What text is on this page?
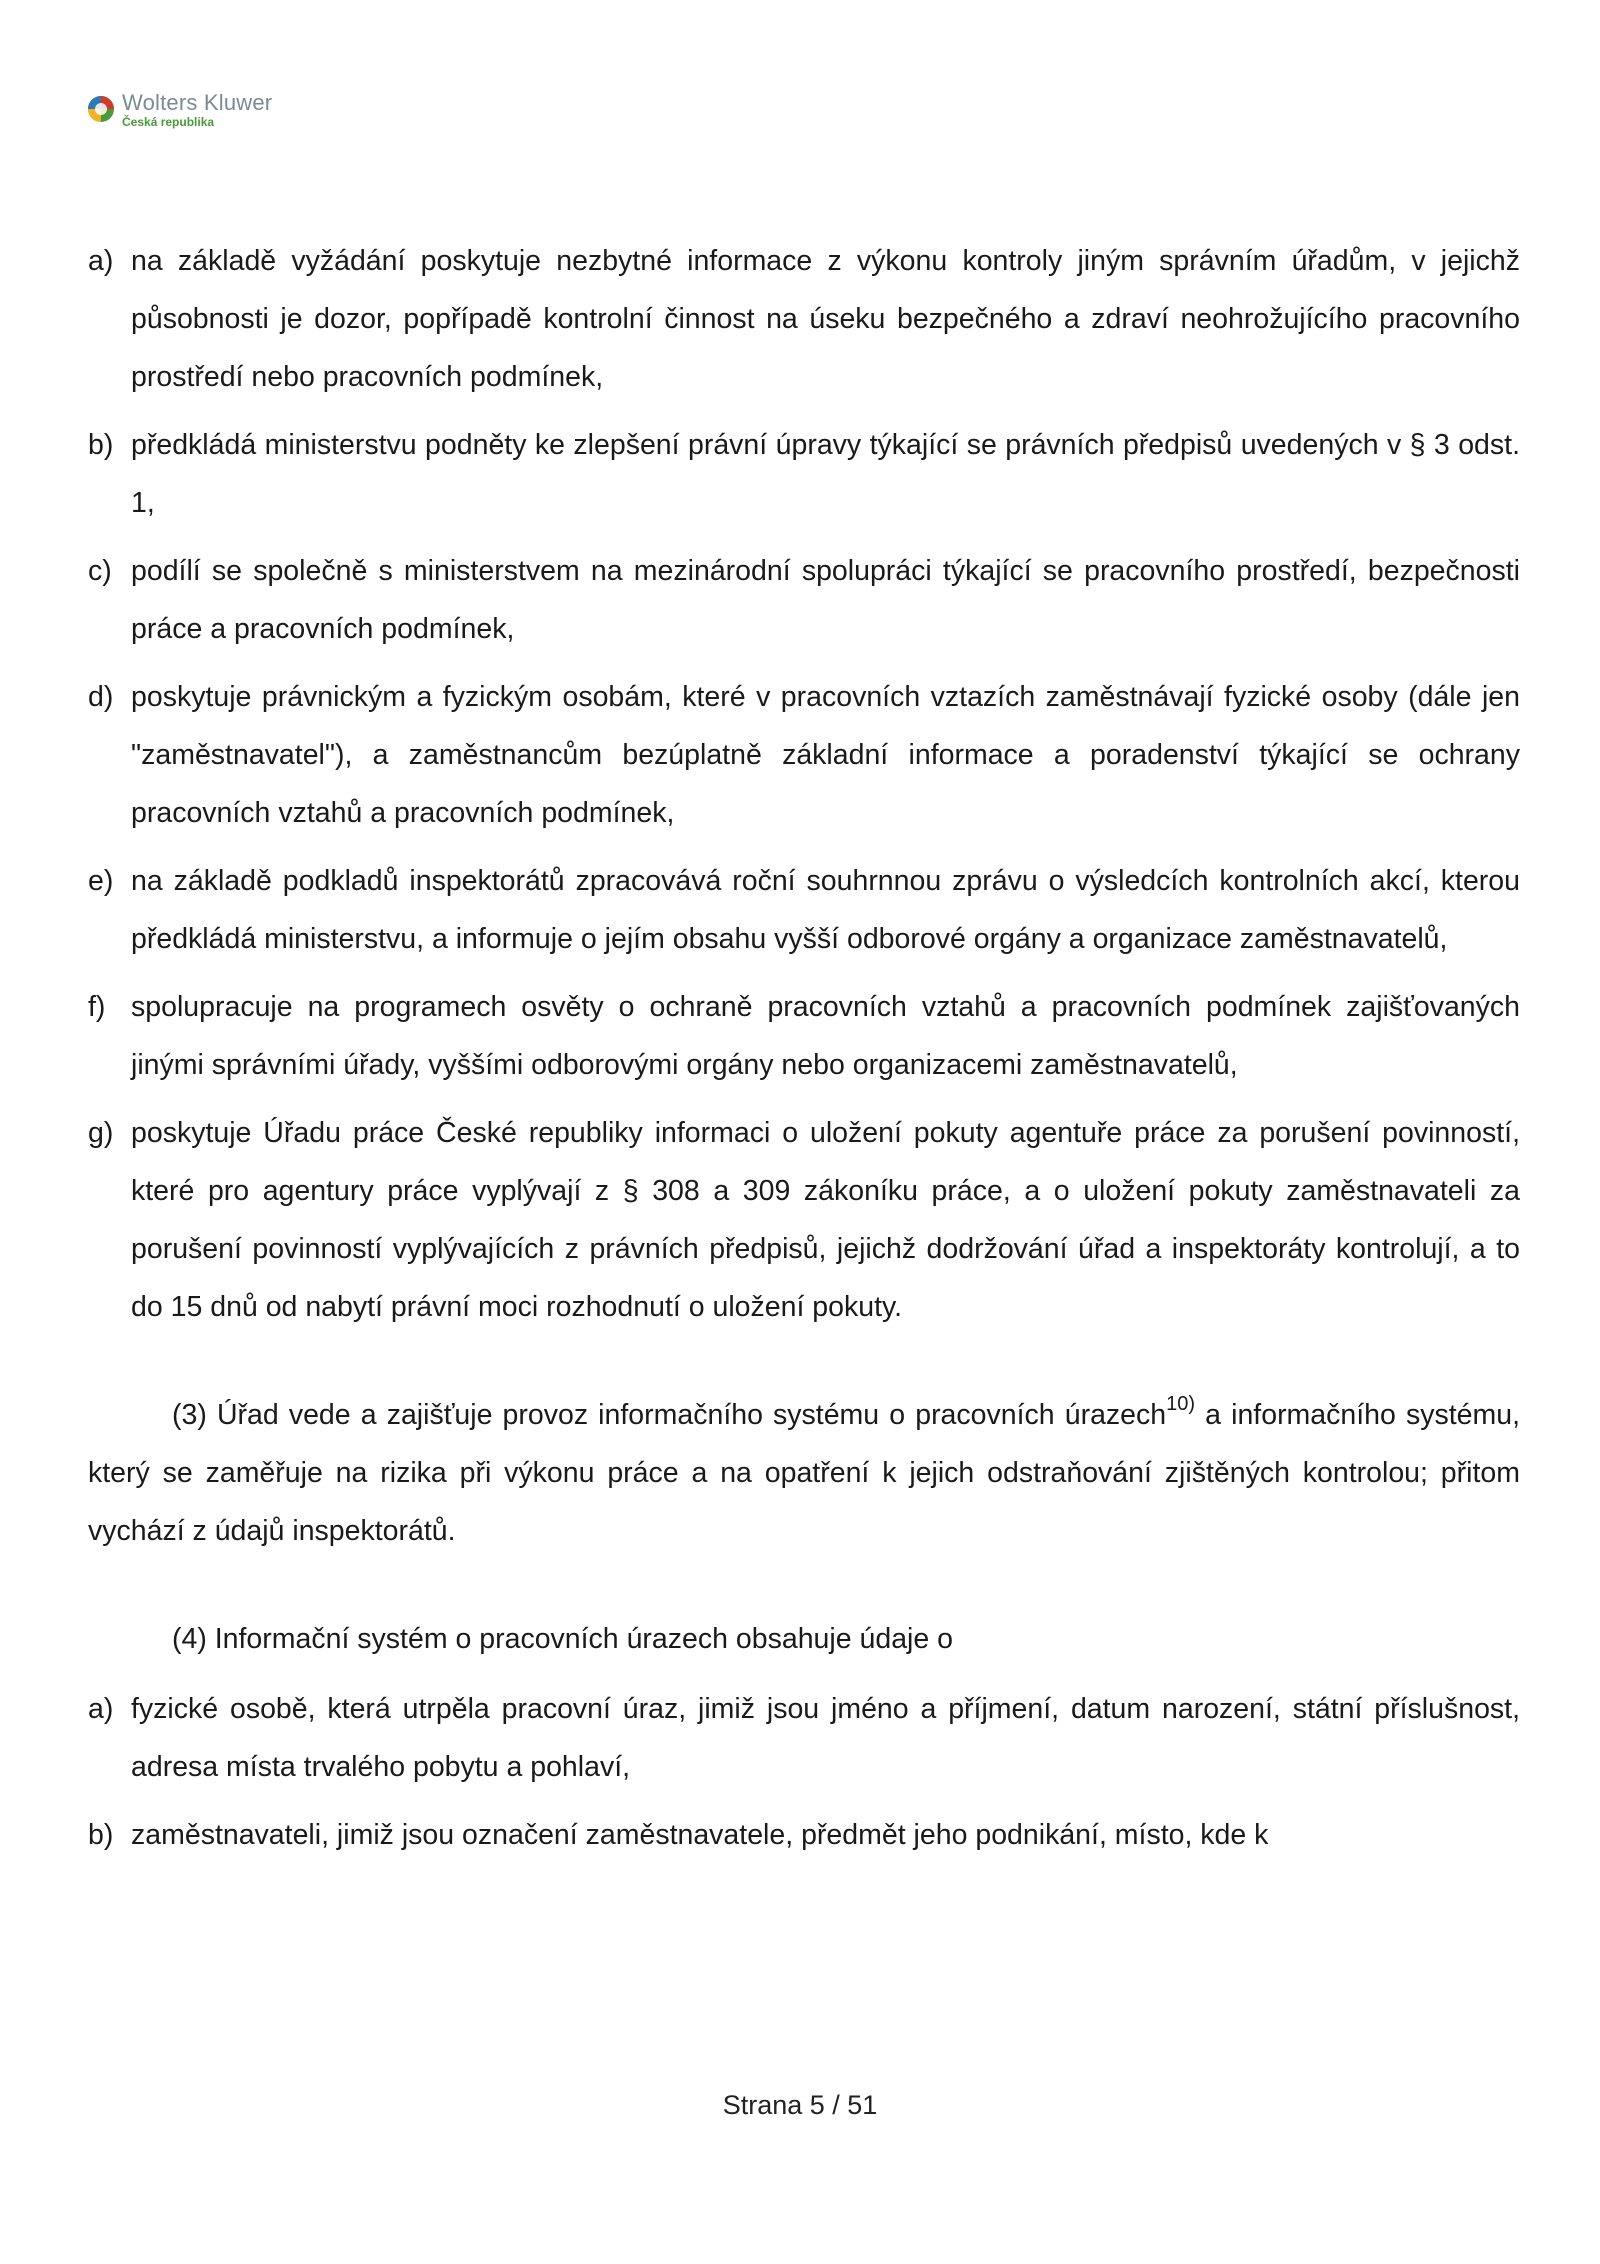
Wolters Kluwer
Česká republika

a) na základě vyžádání poskytuje nezbytné informace z výkonu kontroly jiným správním úřadům, v jejichž působnosti je dozor, popřípadě kontrolní činnost na úseku bezpečného a zdraví neohrožujícího pracovního prostředí nebo pracovních podmínek,

b) předkládá ministerstvu podněty ke zlepšení právní úpravy týkající se právních předpisů uvedených v § 3 odst. 1,

c) podílí se společně s ministerstvem na mezinárodní spolupráci týkající se pracovního prostředí, bezpečnosti práce a pracovních podmínek,

d) poskytuje právnickým a fyzickým osobám, které v pracovních vztazích zaměstnávají fyzické osoby (dále jen "zaměstnavatel"), a zaměstnancům bezúplatně základní informace a poradenství týkající se ochrany pracovních vztahů a pracovních podmínek,

e) na základě podkladů inspektorátů zpracovává roční souhrnnou zprávu o výsledcích kontrolních akcí, kterou předkládá ministerstvu, a informuje o jejím obsahu vyšší odborové orgány a organizace zaměstnavatelů,

f) spolupracuje na programech osvěty o ochraně pracovních vztahů a pracovních podmínek zajišťovaných jinými správními úřady, vyššími odborovými orgány nebo organizacemi zaměstnavatelů,

g) poskytuje Úřadu práce České republiky informaci o uložení pokuty agentuře práce za porušení povinností, které pro agentury práce vyplývají z § 308 a 309 zákoníku práce, a o uložení pokuty zaměstnavateli za porušení povinností vyplývajících z právních předpisů, jejichž dodržování úřad a inspektoráty kontrolují, a to do 15 dnů od nabytí právní moci rozhodnutí o uložení pokuty.

(3) Úřad vede a zajišťuje provoz informačního systému o pracovních úrazech$^{10)}$ a informačního systému, který se zaměřuje na rizika při výkonu práce a na opatření k jejich odstraňování zjištěných kontrolou; přitom vychází z údajů inspektorátů.

(4) Informační systém o pracovních úrazech obsahuje údaje o

a) fyzické osobě, která utrpěla pracovní úraz, jimiž jsou jméno a příjmení, datum narození, státní příslušnost, adresa místa trvalého pobytu a pohlaví,

b) zaměstnavateli, jimiž jsou označení zaměstnavatele, předmět jeho podnikání, místo, kde k

Strana 5 / 51
